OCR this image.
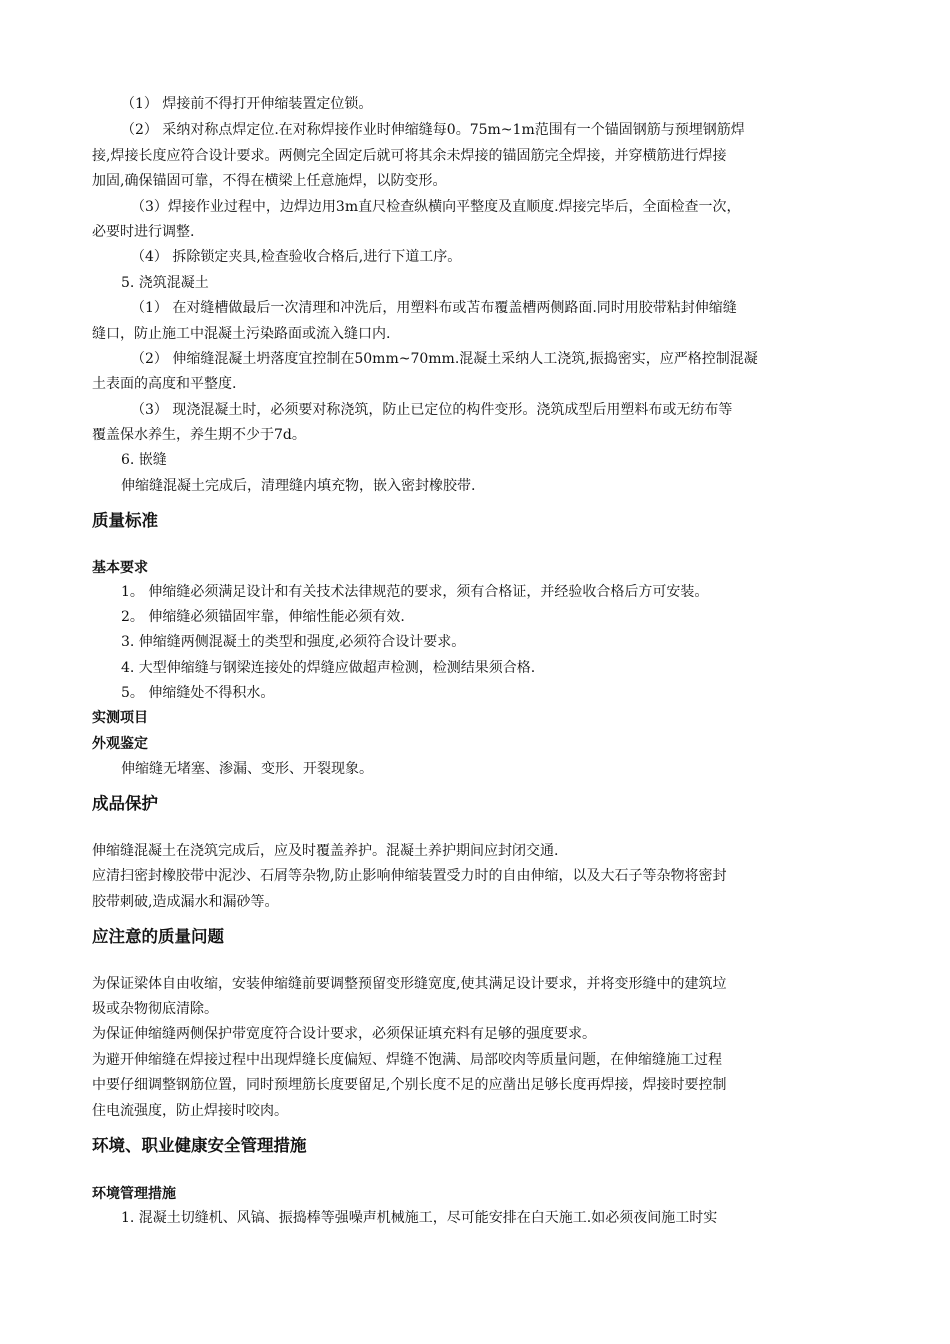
（1） 焊接前不得打开伸缩装置定位锁。
（2） 采纳对称点焊定位.在对称焊接作业时伸缩缝每0。75m~1m范围有一个锚固钢筋与预埋钢筋焊
接,焊接长度应符合设计要求。两侧完全固定后就可将其余未焊接的锚固筋完全焊接，并穿横筋进行焊接
加固,确保锚固可靠，不得在横梁上任意施焊，以防变形。
（3）焊接作业过程中，边焊边用3m直尺检查纵横向平整度及直顺度.焊接完毕后，全面检查一次，
必要时进行调整.
（4） 拆除锁定夹具,检查验收合格后,进行下道工序。
5. 浇筑混凝土
（1） 在对缝槽做最后一次清理和冲洗后，用塑料布或苫布覆盖槽两侧路面.同时用胶带粘封伸缩缝
缝口，防止施工中混凝土污染路面或流入缝口内.
（2） 伸缩缝混凝土坍落度宜控制在50mm~70mm.混凝土采纳人工浇筑,振捣密实，应严格控制混凝
土表面的高度和平整度.
（3） 现浇混凝土时，必须要对称浇筑，防止已定位的构件变形。浇筑成型后用塑料布或无纺布等
覆盖保水养生，养生期不少于7d。
6. 嵌缝
伸缩缝混凝土完成后，清理缝内填充物，嵌入密封橡胶带.
质量标准
基本要求
1。 伸缩缝必须满足设计和有关技术法律规范的要求，须有合格证，并经验收合格后方可安装。
2。 伸缩缝必须锚固牢靠，伸缩性能必须有效.
3. 伸缩缝两侧混凝土的类型和强度,必须符合设计要求。
4. 大型伸缩缝与钢梁连接处的焊缝应做超声检测，检测结果须合格.
5。 伸缩缝处不得积水。
实测项目
外观鉴定
伸缩缝无堵塞、渗漏、变形、开裂现象。
成品保护
伸缩缝混凝土在浇筑完成后，应及时覆盖养护。混凝土养护期间应封闭交通.
应清扫密封橡胶带中泥沙、石屑等杂物,防止影响伸缩装置受力时的自由伸缩，以及大石子等杂物将密封
胶带刺破,造成漏水和漏砂等。
应注意的质量问题
为保证梁体自由收缩，安装伸缩缝前要调整预留变形缝宽度,使其满足设计要求，并将变形缝中的建筑垃
圾或杂物彻底清除。
为保证伸缩缝两侧保护带宽度符合设计要求，必须保证填充料有足够的强度要求。
为避开伸缩缝在焊接过程中出现焊缝长度偏短、焊缝不饱满、局部咬肉等质量问题，在伸缩缝施工过程
中要仔细调整钢筋位置，同时预埋筋长度要留足,个别长度不足的应凿出足够长度再焊接，焊接时要控制
住电流强度，防止焊接时咬肉。
环境、职业健康安全管理措施
环境管理措施
1. 混凝土切缝机、风镐、振捣棒等强噪声机械施工，尽可能安排在白天施工.如必须夜间施工时实
